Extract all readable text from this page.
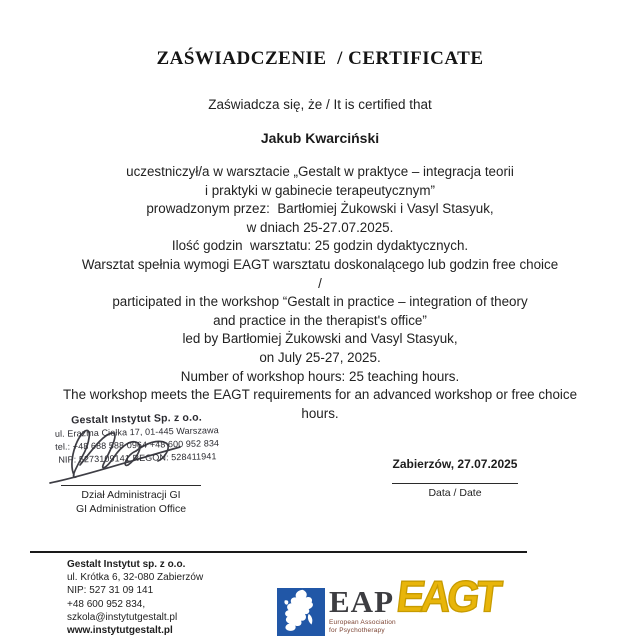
ZAŚWIADCZENIE  / CERTIFICATE
Zaświadcza się, że / It is certified that
Jakub Kwarciński
uczestniczył/a w warsztacie „Gestalt w praktyce – integracja teorii
i praktyki w gabinecie terapeutycznym”
prowadzonym przez:  Bartłomiej Żukowski i Vasyl Stasyuk,
w dniach 25-27.07.2025.
Ilość godzin  warsztatu: 25 godzin dydaktycznych.
Warsztat spełnia wymogi EAGT warsztatu doskonalącego lub godzin free choice
/
participated in the workshop “Gestalt in practice – integration of theory
and practice in the therapist's office”
led by Bartłomiej Żukowski and Vasyl Stasyuk,
on July 25-27, 2025.
Number of workshop hours: 25 teaching hours.
The workshop meets the EAGT requirements for an advanced workshop or free choice
hours.
Gestalt Instytut Sp. z o.o.
ul. Erazma Ciołka 17, 01-445 Warszawa
tel.: +48 688 588 0964 +48 600 952 834
NIP: 5273109141 REGON: 528411941
Dział Administracji GI
GI Administration Office
Zabierzów, 27.07.2025
Data / Date
Gestalt Instytut sp. z o.o.
ul. Krótka 6, 32-080 Zabierzów
NIP: 527 31 09 141
+48 600 952 834,
szkola@instytutgestalt.pl
www.instytutgestalt.pl
EAP
European Association
for Psychotherapy
EAGT
